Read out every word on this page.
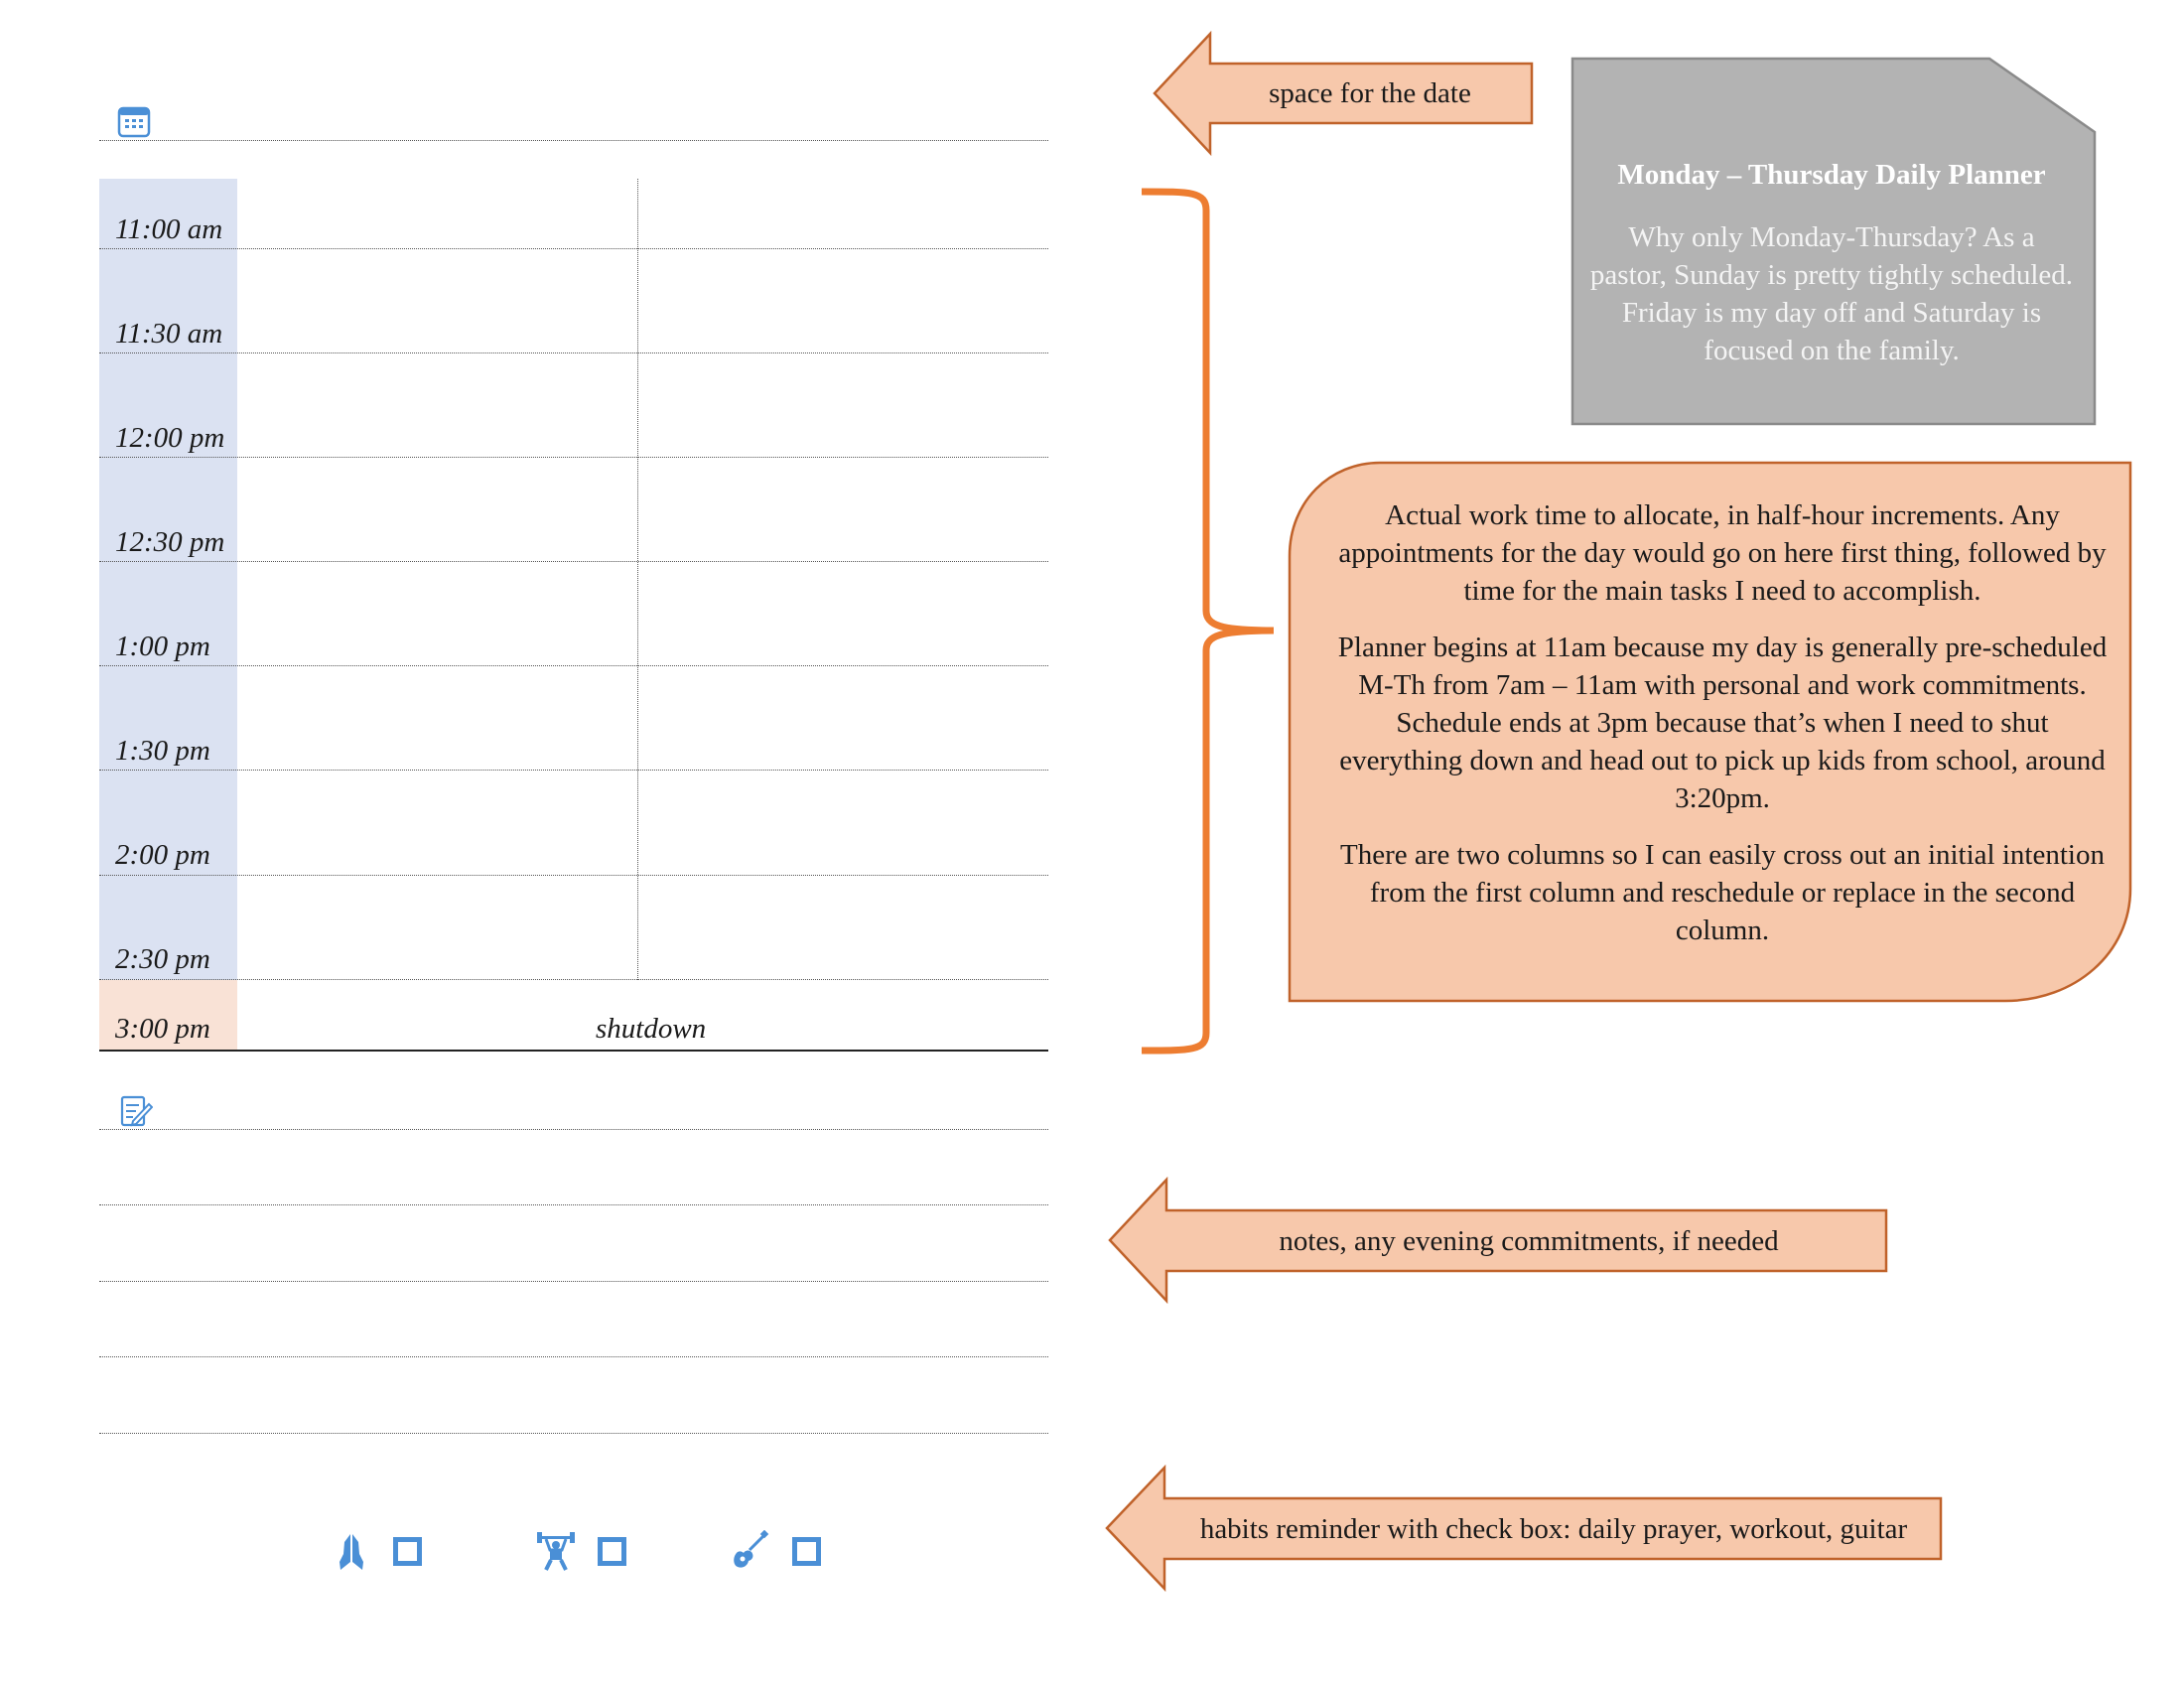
11:00 am
11:30 am
12:00 pm
12:30 pm
1:00 pm
1:30 pm
2:00 pm
2:30 pm
3:00 pm	shutdown
space for the date
Monday – Thursday Daily Planner
Why only Monday-Thursday? As a pastor, Sunday is pretty tightly scheduled. Friday is my day off and Saturday is focused on the family.

Actual work time to allocate, in half-hour increments. Any appointments for the day would go on here first thing, followed by time for the main tasks I need to accomplish.

Planner begins at 11am because my day is generally pre-scheduled M-Th from 7am – 11am with personal and work commitments. Schedule ends at 3pm because that’s when I need to shut everything down and head out to pick up kids from school, around 3:20pm.

There are two columns so I can easily cross out an initial intention from the first column and reschedule or replace in the second column.

notes, any evening commitments, if needed
habits reminder with check box: daily prayer, workout, guitar
